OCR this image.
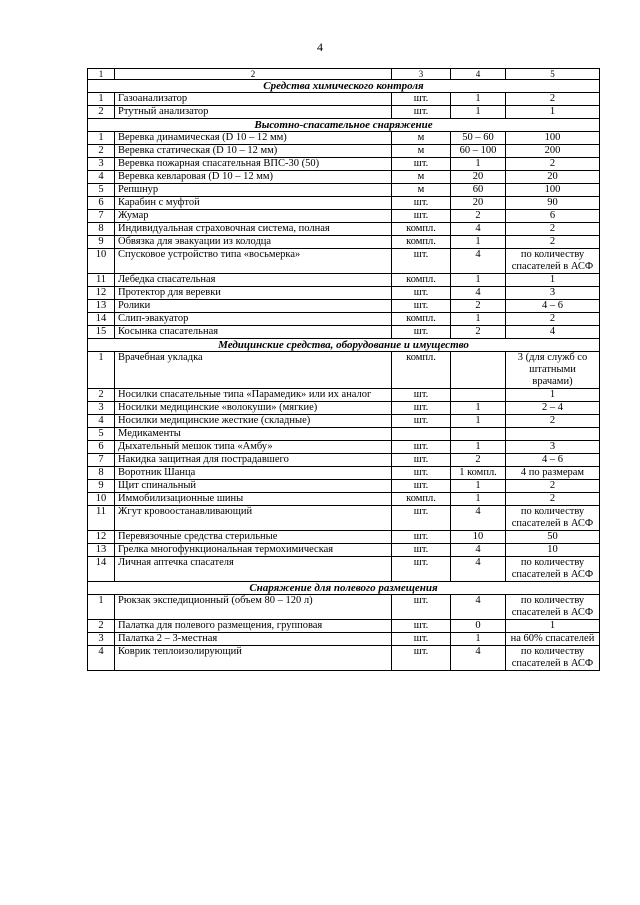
4
1	2	3	4	5
Средства химического контроля				
1	Газоанализатор	шт.	1	2
2	Ртутный анализатор	шт.	1	1
Высотно-спасательное снаряжение				
1	Веревка динамическая (D 10 – 12 мм)	м	50 – 60	100
2	Веревка статическая (D 10 – 12 мм)	м	60 – 100	200
3	Веревка пожарная спасательная ВПС-30 (50)	шт.	1	2
4	Веревка кевларовая (D 10 – 12 мм)	м	20	20
5	Репшнур	м	60	100
6	Карабин с муфтой	шт.	20	90
7	Жумар	шт.	2	6
8	Индивидуальная страховочная система, полная	компл.	4	2
9	Обвязка для эвакуации из колодца	компл.	1	2
10	Спусковое устройство типа «восьмерка»	шт.	4	по количеству спасателей в АСФ
11	Лебедка спасательная	компл.	1	1
12	Протектор для веревки	шт.	4	3
13	Ролики	шт.	2	4 – 6
14	Слип-эвакуатор	компл.	1	2
15	Косынка спасательная	шт.	2	4
Медицинские средства, оборудование и имущество				
1	Врачебная укладка	компл.		3 (для служб со штатными врачами)
2	Носилки спасательные типа «Парамедик» или их аналог	шт.		1
3	Носилки медицинские «волокуши» (мягкие)	шт.	1	2 – 4
4	Носилки медицинские жесткие (складные)	шт.	1	2
5	Медикаменты			
6	Дыхательный мешок типа «Амбу»	шт.	1	3
7	Накидка защитная для пострадавшего	шт.	2	4 – 6
8	Воротник Шанца	шт.	1 компл.	4 по размерам
9	Щит спинальный	шт.	1	2
10	Иммобилизационные шины	компл.	1	2
11	Жгут кровоостанавливающий	шт.	4	по количеству спасателей в АСФ
12	Перевязочные средства стерильные	шт.	10	50
13	Грелка многофункциональная термохимическая	шт.	4	10
14	Личная аптечка спасателя	шт.	4	по количеству спасателей в АСФ
Снаряжение для полевого размещения				
1	Рюкзак экспедиционный (объем 80 – 120 л)	шт.	4	по количеству спасателей в АСФ
2	Палатка для полевого размещения, групповая	шт.	0	1
3	Палатка 2 – 3-местная	шт.	1	на 60% спасателей
4	Коврик теплоизолирующий	шт.	4	по количеству спасателей в АСФ
